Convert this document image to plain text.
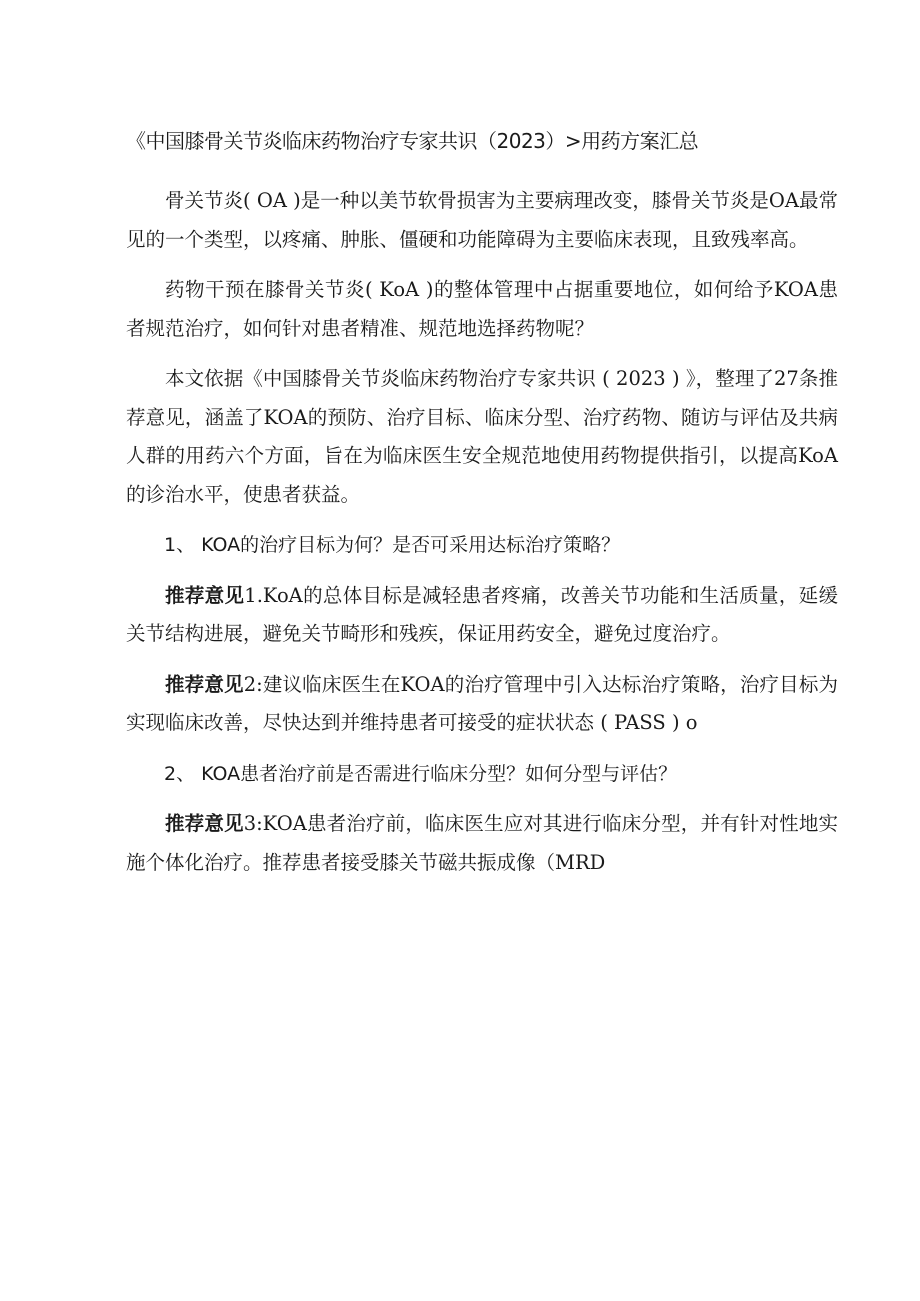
《中国膝骨关节炎临床药物治疗专家共识（2023）>用药方案汇总

骨关节炎( OA )是一种以美节软骨损害为主要病理改变，膝骨关节炎是OA最常见的一个类型，以疼痛、肿胀、僵硬和功能障碍为主要临床表现，且致残率高。

药物干预在膝骨关节炎( KoA )的整体管理中占据重要地位，如何给予KOA患者规范治疗，如何针对患者精准、规范地选择药物呢？

本文依据《中国膝骨关节炎临床药物治疗专家共识 ( 2023 ) 》，整理了27条推荐意见，涵盖了KOA的预防、治疗目标、临床分型、治疗药物、随访与评估及共病人群的用药六个方面，旨在为临床医生安全规范地使用药物提供指引，以提高KoA的诊治水平，使患者获益。

1、 KOA的治疗目标为何？是否可采用达标治疗策略？

推荐意见1.KoA的总体目标是减轻患者疼痛，改善关节功能和生活质量，延缓关节结构进展，避免关节畸形和残疾，保证用药安全，避免过度治疗。

推荐意见2:建议临床医生在KOA的治疗管理中引入达标治疗策略，治疗目标为实现临床改善，尽快达到并维持患者可接受的症状状态 ( PASS ) o

2、 KOA患者治疗前是否需进行临床分型？如何分型与评估？

推荐意见3:KOA患者治疗前，临床医生应对其进行临床分型，并有针对性地实施个体化治疗。推荐患者接受膝关节磁共振成像（MRD
